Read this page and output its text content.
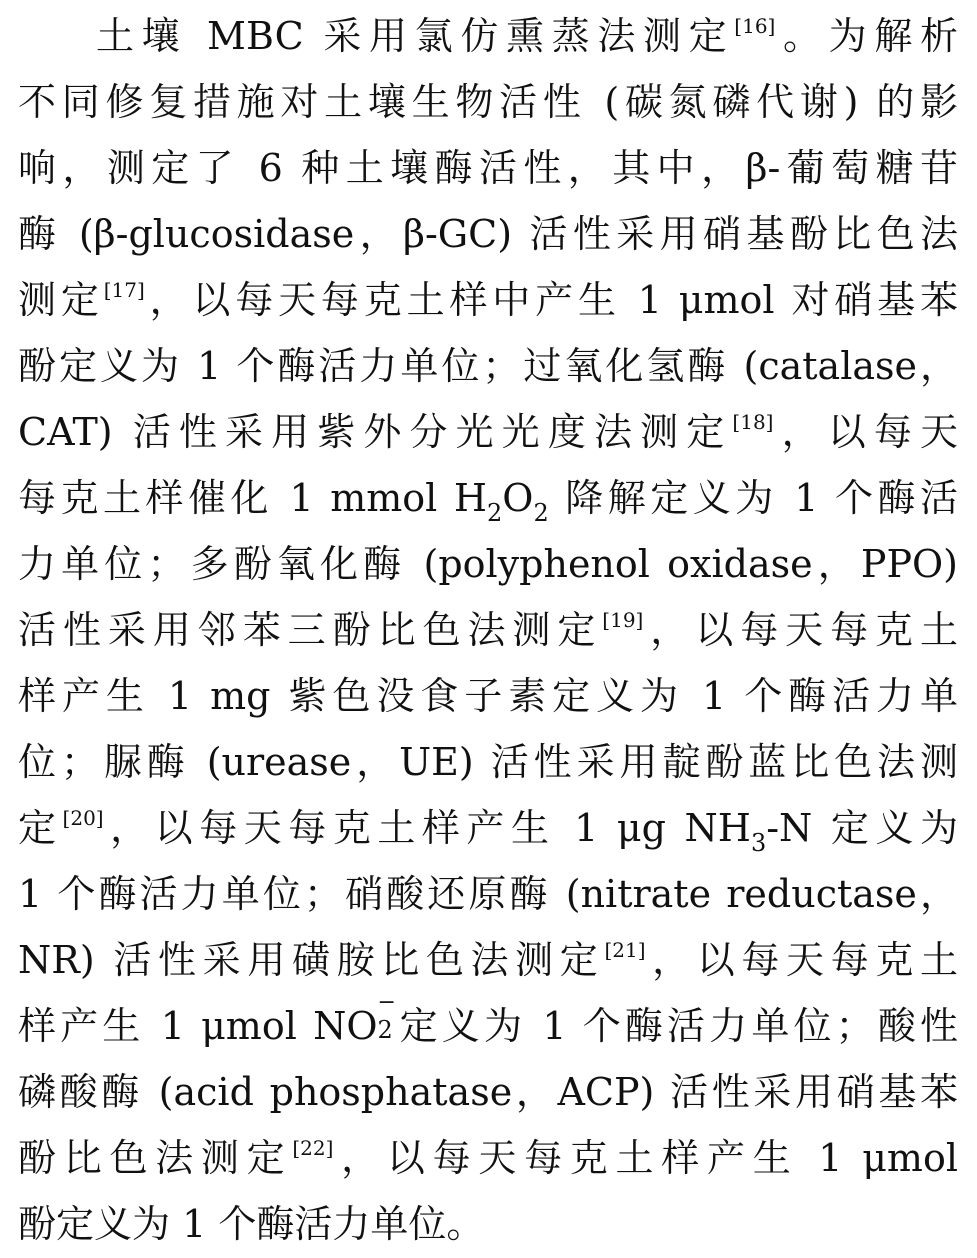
土壤 MBC 采用氯仿熏蒸法测定[16]。为解析
不同修复措施对土壤生物活性 (碳氮磷代谢) 的影
响，测定了 6 种土壤酶活性，其中，β-葡萄糖苷
酶 (β-glucosidase，β-GC) 活性采用硝基酚比色法
测定[17]，以每天每克土样中产生 1 μmol 对硝基苯
酚定义为 1 个酶活力单位；过氧化氢酶 (catalase，
CAT) 活性采用紫外分光光度法测定[18]，以每天
每克土样催化 1 mmol $H_2O_2$ 降解定义为 1 个酶活
力单位；多酚氧化酶 (polyphenol oxidase，PPO)
活性采用邻苯三酚比色法测定[19]，以每天每克土
样产生 1 mg 紫色没食子素定义为 1 个酶活力单
位；脲酶 (urease，UE) 活性采用靛酚蓝比色法测
定[20]，以每天每克土样产生 1 μg $NH_3-N$ 定义为
1 个酶活力单位；硝酸还原酶 (nitrate reductase，
NR) 活性采用磺胺比色法测定[21]，以每天每克土
样产生 1 μmol NO
−
2 定义为 1 个酶活力单位；酸性
磷酸酶 (acid phosphatase，ACP) 活性采用硝基苯
酚比色法测定[22]，以每天每克土样产生 1 μmol
酚定义为 1 个酶活力单位。
